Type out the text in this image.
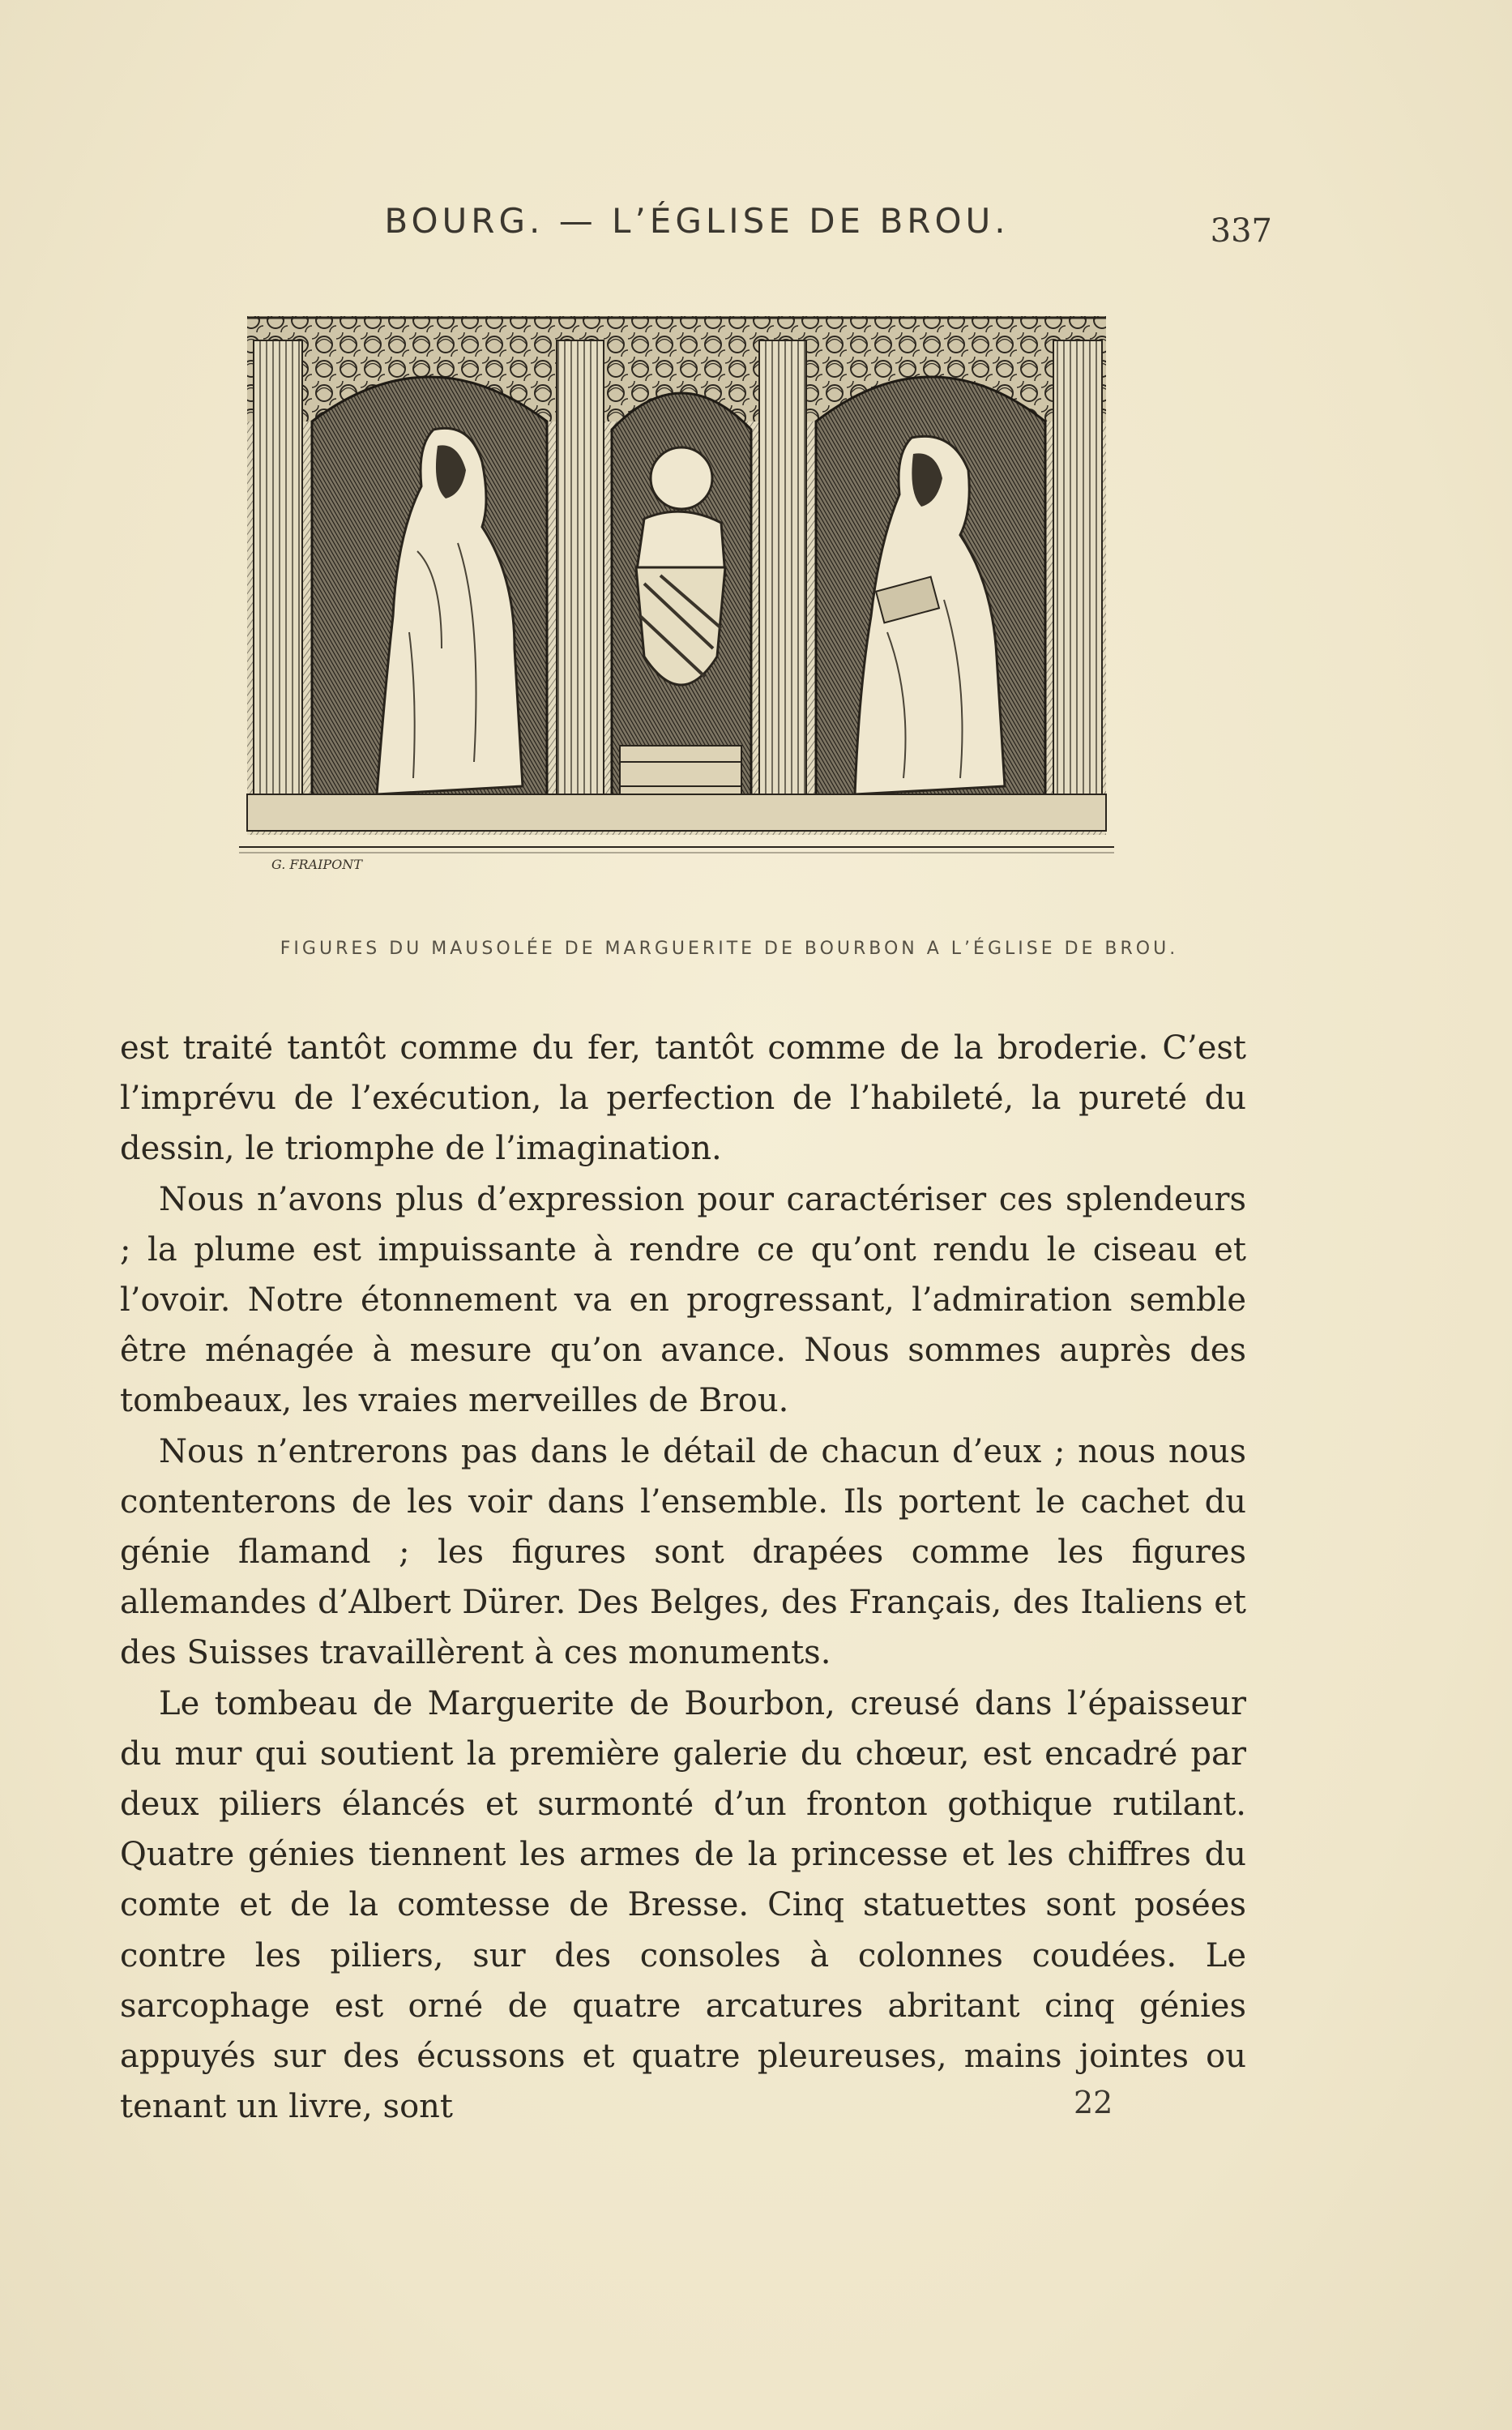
BOURG. — L’ÉGLISE DE BROU.	337
G. FRAIPONT
FIGURES DU MAUSOLÉE DE MARGUERITE DE BOURBON A L’ÉGLISE DE BROU.

est traité tantôt comme du fer, tantôt comme de la broderie. C’est l’imprévu de l’exécution, la perfection de l’habileté, la pureté du dessin, le triomphe de l’imagination.

Nous n’avons plus d’expression pour caractériser ces splendeurs ; la plume est impuissante à rendre ce qu’ont rendu le ciseau et l’ovoir. Notre étonnement va en progressant, l’admiration semble être ménagée à mesure qu’on avance. Nous sommes auprès des tombeaux, les vraies merveilles de Brou.

Nous n’entrerons pas dans le détail de chacun d’eux ; nous nous contenterons de les voir dans l’ensemble. Ils portent le cachet du génie flamand ; les figures sont drapées comme les figures allemandes d’Albert Dürer. Des Belges, des Français, des Italiens et des Suisses travaillèrent à ces monuments.

Le tombeau de Marguerite de Bourbon, creusé dans l’épaisseur du mur qui soutient la première galerie du chœur, est encadré par deux piliers élancés et surmonté d’un fronton gothique rutilant. Quatre génies tiennent les armes de la princesse et les chiffres du comte et de la comtesse de Bresse. Cinq statuettes sont posées contre les piliers, sur des consoles à colonnes coudées. Le sarcophage est orné de quatre arcatures abritant cinq génies appuyés sur des écussons et quatre pleureuses, mains jointes ou tenant un livre, sont	22
